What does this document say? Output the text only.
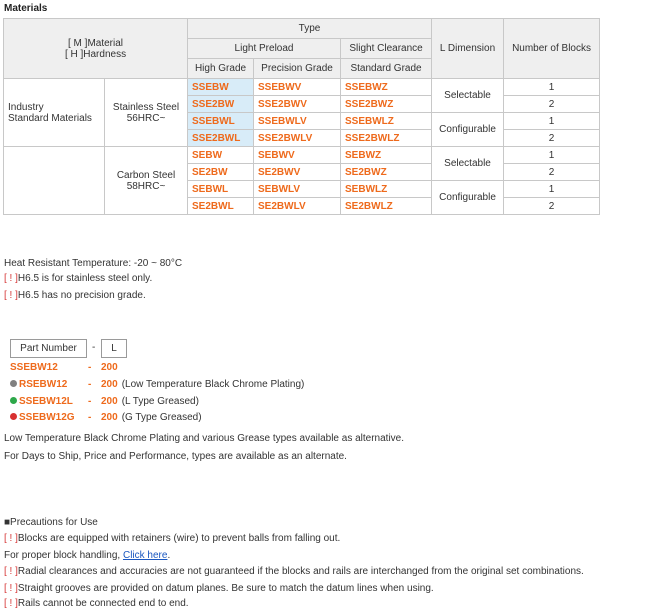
Materials
[ M ]Material
[ H ]Hardness		Type			L Dimension	Number of Blocks
		Light Preload		Slight Clearance		
		High Grade	Precision Grade	Standard Grade		
Industry
Standard Materials	Stainless Steel
56HRC~	SSEBW	SSEBWV	SSEBWZ	Selectable	1
		SSE2BW	SSE2BWV	SSE2BWZ		2
		SSEBWL	SSEBWLV	SSEBWLZ	Configurable	1
		SSE2BWL	SSE2BWLV	SSE2BWLZ		2
	Carbon Steel
58HRC~	SEBW	SEBWV	SEBWZ	Selectable	1
		SE2BW	SE2BWV	SE2BWZ		2
		SEBWL	SEBWLV	SEBWLZ	Configurable	1
		SE2BWL	SE2BWLV	SE2BWLZ		2
Heat Resistant Temperature: -20 ~ 80°C
[ ! ]H6.5 is for stainless steel only.
[ ! ]H6.5 has no precision grade.
Part Number	-	L
SSEBW12	- 200
RSEBW12 - 200 (Low Temperature Black Chrome Plating)
SSEBW12L - 200 (L Type Greased)
SSEBW12G - 200 (G Type Greased)
Low Temperature Black Chrome Plating and various Grease types available as alternative.
For Days to Ship, Price and Performance, types are available as an alternate.
■Precautions for Use
[ ! ]Blocks are equipped with retainers (wire) to prevent balls from falling out.
For proper block handling, Click here.
[ ! ]Radial clearances and accuracies are not guaranteed if the blocks and rails are interchanged from the original set combinations.
[ ! ]Straight grooves are provided on datum planes. Be sure to match the datum lines when using.
[ ! ]Rails cannot be connected end to end.
